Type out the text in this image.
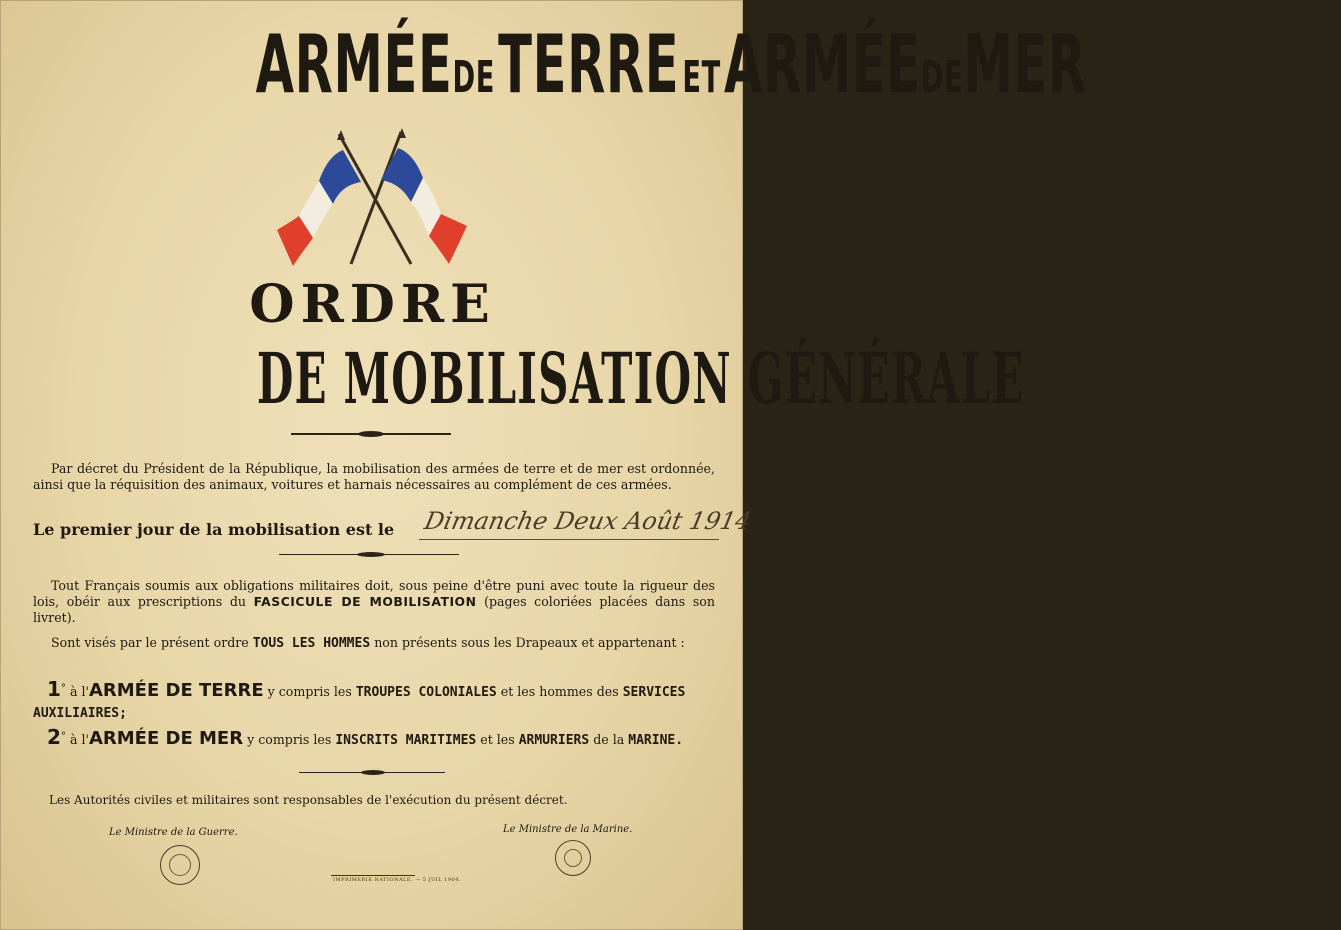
ARMÉEDE TERRE ET ARMÉEDEMER
ORDRE
DE MOBILISATION GÉNÉRALE
Par décret du Président de la République, la mobilisation des armées de terre et de mer est ordonnée, ainsi que la réquisition des animaux, voitures et harnais nécessaires au complément de ces armées.
Le premier jour de la mobilisation est le Dimanche Deux Août 1914
Tout Français soumis aux obligations militaires doit, sous peine d'être puni avec toute la rigueur des lois, obéir aux prescriptions du FASCICULE DE MOBILISATION (pages coloriées placées dans son livret).
Sont visés par le présent ordre TOUS LES HOMMES non présents sous les Drapeaux et appartenant :
1° à l'ARMÉE DE TERRE y compris les TROUPES COLONIALES et les hommes des SERVICES AUXILIAIRES;
2° à l'ARMÉE DE MER y compris les INSCRITS MARITIMES et les ARMURIERS de la MARINE.
Les Autorités civiles et militaires sont responsables de l'exécution du présent décret.
Le Ministre de la Guerre.	Le Ministre de la Marine.
IMPRIMERIE NATIONALE. — 5 JUIL 1904.
